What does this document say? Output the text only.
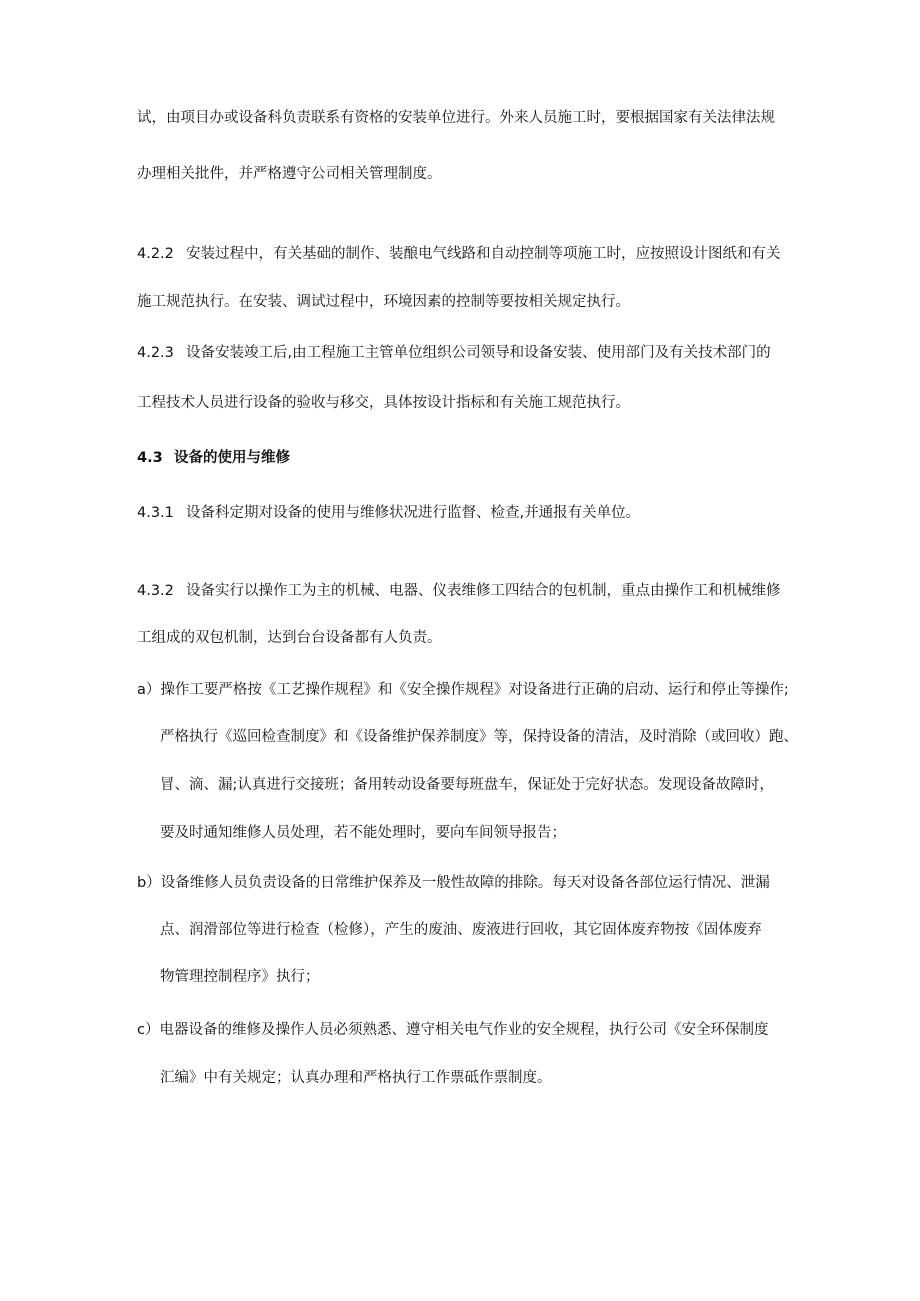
试，由项目办或设备科负责联系有资格的安装单位进行。外来人员施工时，要根据国家有关法律法规
办理相关批件，并严格遵守公司相关管理制度。
4.2.2 安装过程中，有关基础的制作、装酿电气线路和自动控制等项施工时，应按照设计图纸和有关
施工规范执行。在安装、调试过程中，环境因素的控制等要按相关规定执行。
4.2.3 设备安装竣工后,由工程施工主管单位组织公司领导和设备安装、使用部门及有关技术部门的
工程技术人员进行设备的验收与移交，具体按设计指标和有关施工规范执行。
4.3 设备的使用与维修
4.3.1 设备科定期对设备的使用与维修状况进行监督、检查,并通报有关单位。
4.3.2 设备实行以操作工为主的机械、电器、仪表维修工四结合的包机制，重点由操作工和机械维修
工组成的双包机制，达到台台设备都有人负责。
a）操作工要严格按《工艺操作规程》和《安全操作规程》对设备进行正确的启动、运行和停止等操作;
严格执行《巡回检查制度》和《设备维护保养制度》等，保持设备的清洁，及时消除（或回收）跑、
冒、滴、漏;认真进行交接班；备用转动设备要每班盘车，保证处于完好状态。发现设备故障时，
要及时通知维修人员处理，若不能处理时，要向车间领导报告；
b）设备维修人员负责设备的日常维护保养及一般性故障的排除。每天对设备各部位运行情况、泄漏
点、润滑部位等进行检查（检修），产生的废油、废液进行回收，其它固体废弃物按《固体废弃
物管理控制程序》执行；
c）电器设备的维修及操作人员必须熟悉、遵守相关电气作业的安全规程，执行公司《安全环保制度
汇编》中有关规定；认真办理和严格执行工作票砥作票制度。
